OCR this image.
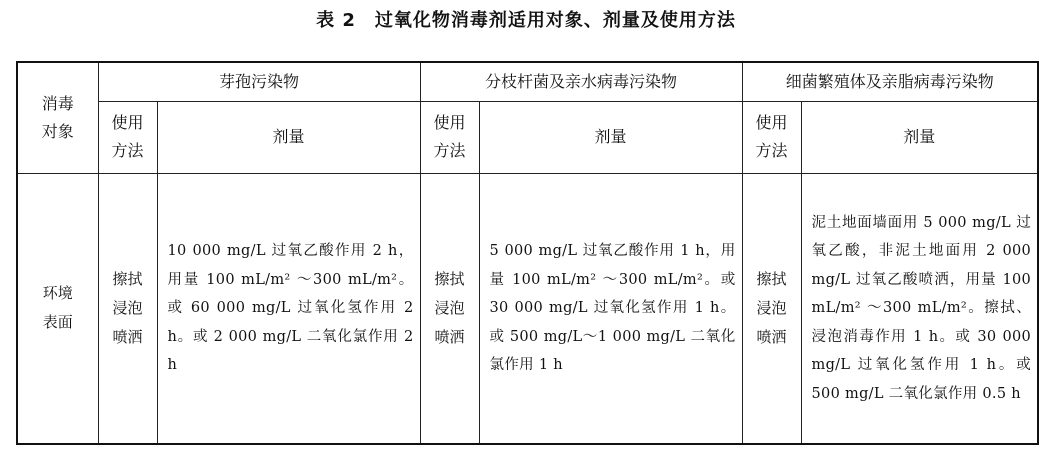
表 2　过氧化物消毒剂适用对象、剂量及使用方法
消毒对象	芽孢污染物		分枝杆菌及亲水病毒污染物		细菌繁殖体及亲脂病毒污染物	
	使用方法	剂量	使用方法	剂量	使用方法	剂量
环境表面	擦拭浸泡喷洒	10 000 mg/L 过氧乙酸作用 2 h，用量 100 mL/m² ～300 mL/m²。或 60 000 mg/L 过氧化氢作用 2 h。或 2 000 mg/L 二氧化氯作用 2 h	擦拭浸泡喷洒	5 000 mg/L 过氧乙酸作用 1 h，用量 100 mL/m² ～300 mL/m²。或 30 000 mg/L 过氧化氢作用 1 h。或 500 mg/L～1 000 mg/L 二氧化氯作用 1 h	擦拭浸泡喷洒	泥土地面墙面用 5 000 mg/L 过氧乙酸，非泥土地面用 2 000 mg/L 过氧乙酸喷洒，用量 100 mL/m² ～300 mL/m²。擦拭、浸泡消毒作用 1 h。或 30 000 mg/L 过氧化氢作用 1 h。或 500 mg/L 二氧化氯作用 0.5 h
